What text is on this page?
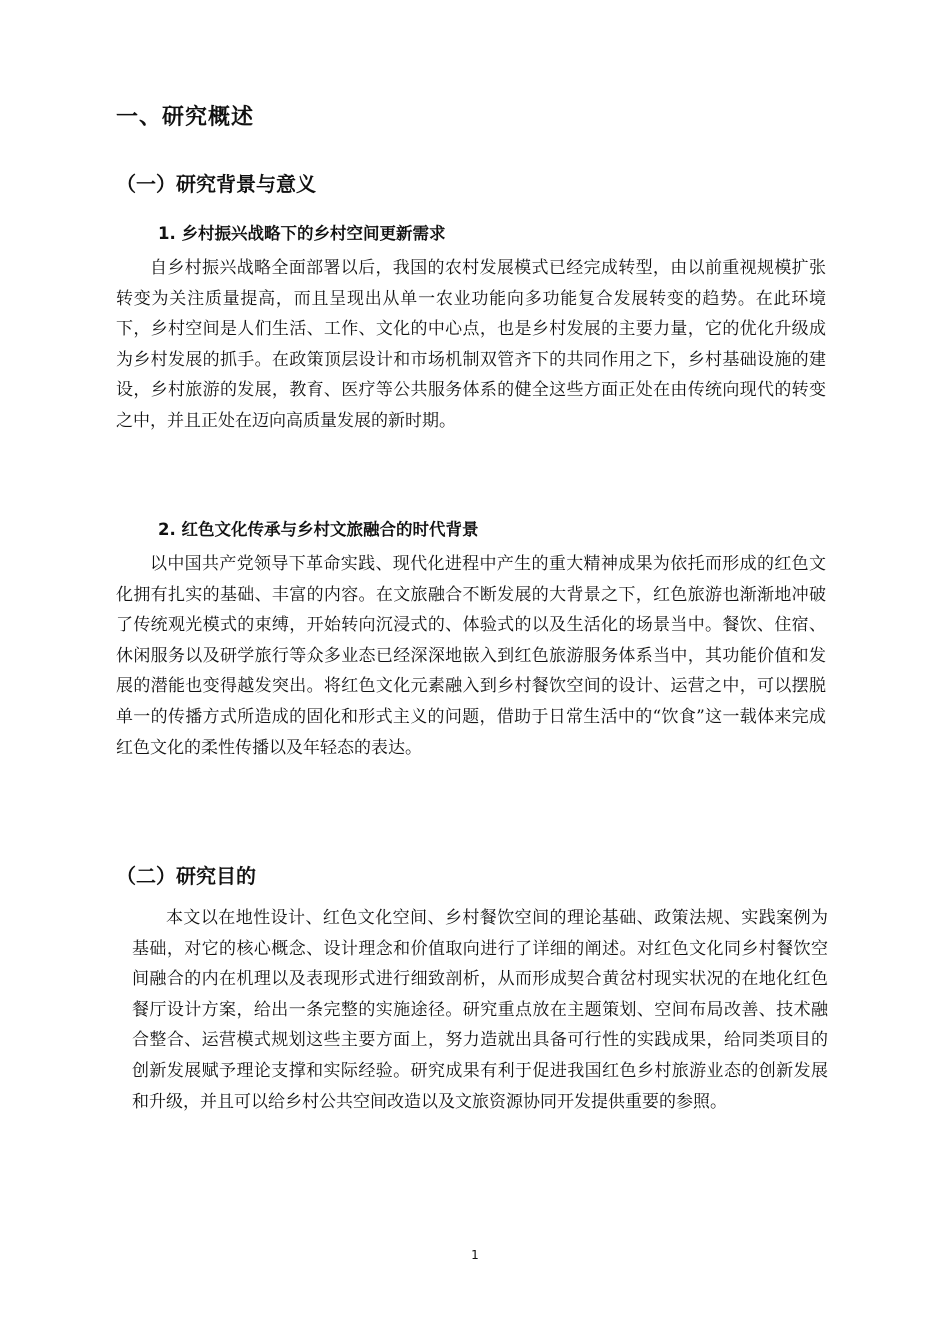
一、研究概述
（一）研究背景与意义
1. 乡村振兴战略下的乡村空间更新需求

自乡村振兴战略全面部署以后，我国的农村发展模式已经完成转型，由以前重视规模扩张转变为关注质量提高，而且呈现出从单一农业功能向多功能复合发展转变的趋势。在此环境下，乡村空间是人们生活、工作、文化的中心点，也是乡村发展的主要力量，它的优化升级成为乡村发展的抓手。在政策顶层设计和市场机制双管齐下的共同作用之下，乡村基础设施的建设，乡村旅游的发展，教育、医疗等公共服务体系的健全这些方面正处在由传统向现代的转变之中，并且正处在迈向高质量发展的新时期。

2. 红色文化传承与乡村文旅融合的时代背景

以中国共产党领导下革命实践、现代化进程中产生的重大精神成果为依托而形成的红色文化拥有扎实的基础、丰富的内容。在文旅融合不断发展的大背景之下，红色旅游也渐渐地冲破了传统观光模式的束缚，开始转向沉浸式的、体验式的以及生活化的场景当中。餐饮、住宿、休闲服务以及研学旅行等众多业态已经深深地嵌入到红色旅游服务体系当中，其功能价值和发展的潜能也变得越发突出。将红色文化元素融入到乡村餐饮空间的设计、运营之中，可以摆脱单一的传播方式所造成的固化和形式主义的问题，借助于日常生活中的“饮食”这一载体来完成红色文化的柔性传播以及年轻态的表达。

（二）研究目的

本文以在地性设计、红色文化空间、乡村餐饮空间的理论基础、政策法规、实践案例为基础，对它的核心概念、设计理念和价值取向进行了详细的阐述。对红色文化同乡村餐饮空间融合的内在机理以及表现形式进行细致剖析，从而形成契合黄岔村现实状况的在地化红色餐厅设计方案，给出一条完整的实施途径。研究重点放在主题策划、空间布局改善、技术融合整合、运营模式规划这些主要方面上，努力造就出具备可行性的实践成果，给同类项目的创新发展赋予理论支撑和实际经验。研究成果有利于促进我国红色乡村旅游业态的创新发展和升级，并且可以给乡村公共空间改造以及文旅资源协同开发提供重要的参照。

1
